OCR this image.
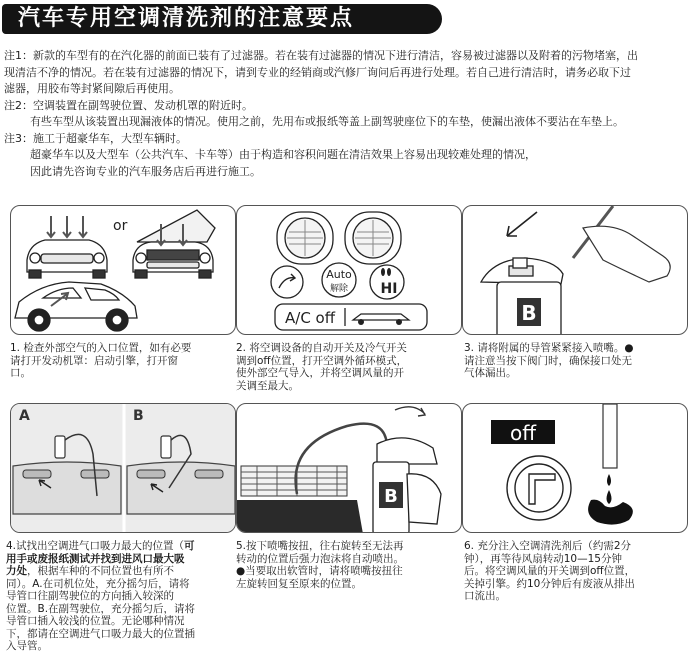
汽车专用空调清洗剂的注意要点
注1：新款的车型有的在汽化器的前面已装有了过滤器。若在装有过滤器的情况下进行清洁，容易被过滤器以及附着的污物堵塞，出
现清洁不净的情况。若在装有过滤器的情况下，请到专业的经销商或汽修厂询问后再进行处理。若自己进行清洁时，请务必取下过
滤器，用胶布等封紧间隙后再使用。
注2：空调装置在副驾驶位置、发动机罩的附近时。
有些车型从该装置出现漏液体的情况。使用之前，先用布或报纸等盖上副驾驶座位下的车垫，使漏出液体不要沾在车垫上。
注3：施工于超豪华车，大型车辆时。
超豪华车以及大型车（公共汽车、卡车等）由于构造和容积问题在清洁效果上容易出现较难处理的情况，
因此请先咨询专业的汽车服务店后再进行施工。
or
Auto
解除 HI
A/C off	B
A	B
B
off
1. 检查外部空气的入口位置，如有必要
请打开发动机罩：启动引擎，打开窗
口。
2. 将空调设备的自动开关及冷气开关
调到off位置，打开空调外循环模式，
使外部空气导入，并将空调风量的开
关调至最大。
3. 请将附属的导管紧紧接入喷嘴。●
请注意当按下阀门时，确保接口处无
气体漏出。
4.试找出空调进气口吸力最大的位置（可
用手或废报纸测试并找到进风口最大吸
力处，根据车种的不同位置也有所不
同）。A.在司机位处，充分摇匀后，请将
导管口往副驾驶位的方向插入较深的
位置。B.在副驾驶位，充分摇匀后，请将
导管口插入较浅的位置。无论哪种情况
下，都请在空调进气口吸力最大的位置插
入导管。
5.按下喷嘴按扭，往右旋转至无法再
转动的位置后强力泡沫将自动喷出。
●当要取出软管时，请将喷嘴按扭往
左旋转回复至原来的位置。
6. 充分注入空调清洗剂后（约需2分
钟），再等待风扇转动10—15分钟
后。将空调风量的开关调到off位置，
关掉引擎。约10分钟后有废液从排出
口流出。
